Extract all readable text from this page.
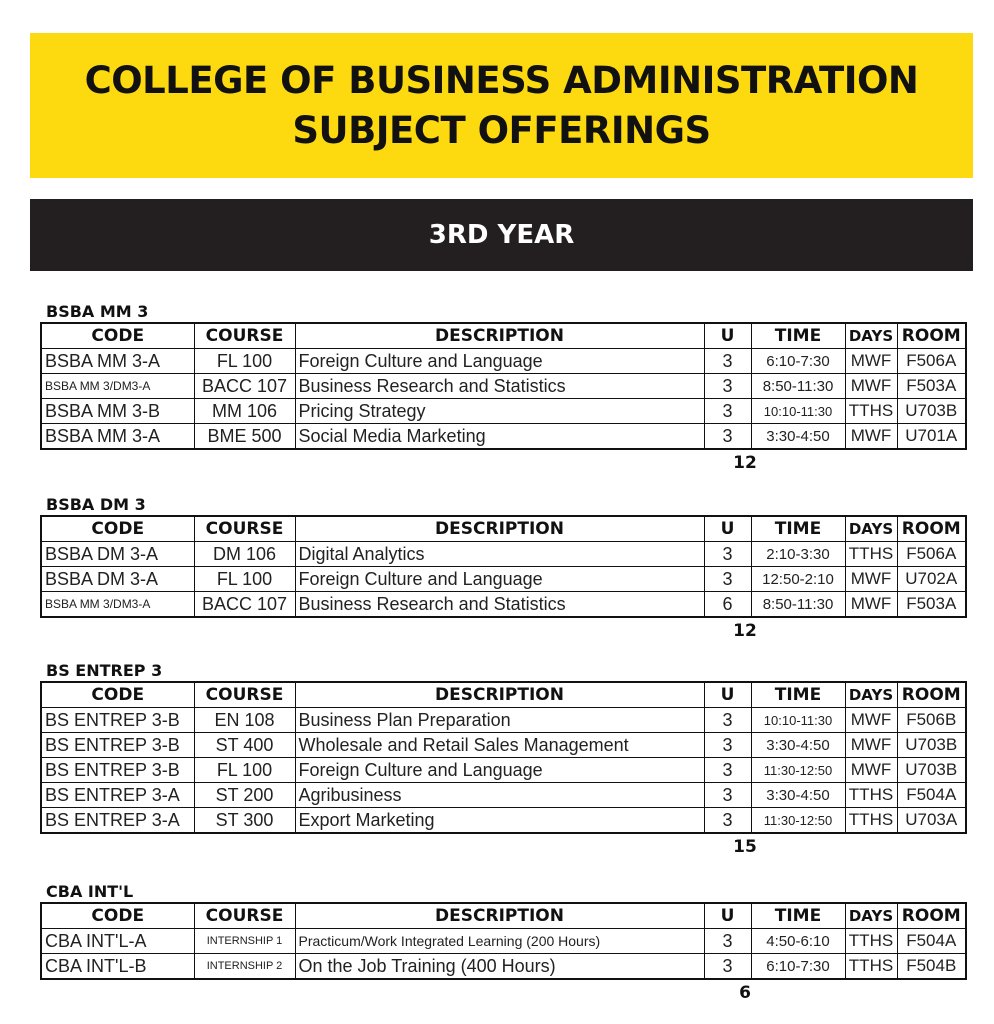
COLLEGE OF BUSINESS ADMINISTRATION
SUBJECT OFFERINGS
3RD YEAR
BSBA MM 3
CODE	COURSE	DESCRIPTION	U	TIME	DAYS	ROOM
BSBA MM 3-A	FL 100	Foreign Culture and Language	3	6:10-7:30	MWF	F506A
BSBA MM 3/DM3-A	BACC 107	Business Research and Statistics	3	8:50-11:30	MWF	F503A
BSBA MM 3-B	MM 106	Pricing Strategy	3	10:10-11:30	TTHS	U703B
BSBA MM 3-A	BME 500	Social Media Marketing	3	3:30-4:50	MWF	U701A
12
BSBA DM 3
CODE	COURSE	DESCRIPTION	U	TIME	DAYS	ROOM
BSBA DM 3-A	DM 106	Digital Analytics	3	2:10-3:30	TTHS	F506A
BSBA DM 3-A	FL 100	Foreign Culture and Language	3	12:50-2:10	MWF	U702A
BSBA MM 3/DM3-A	BACC 107	Business Research and Statistics	6	8:50-11:30	MWF	F503A
12
BS ENTREP 3
CODE	COURSE	DESCRIPTION	U	TIME	DAYS	ROOM
BS ENTREP 3-B	EN 108	Business Plan Preparation	3	10:10-11:30	MWF	F506B
BS ENTREP 3-B	ST 400	Wholesale and Retail Sales Management	3	3:30-4:50	MWF	U703B
BS ENTREP 3-B	FL 100	Foreign Culture and Language	3	11:30-12:50	MWF	U703B
BS ENTREP 3-A	ST 200	Agribusiness	3	3:30-4:50	TTHS	F504A
BS ENTREP 3-A	ST 300	Export Marketing	3	11:30-12:50	TTHS	U703A
15
CBA INT'L
CODE	COURSE	DESCRIPTION	U	TIME	DAYS	ROOM
CBA INT'L-A	INTERNSHIP 1	Practicum/Work Integrated Learning (200 Hours)	3	4:50-6:10	TTHS	F504A
CBA INT'L-B	INTERNSHIP 2	On the Job Training (400 Hours)	3	6:10-7:30	TTHS	F504B
6
